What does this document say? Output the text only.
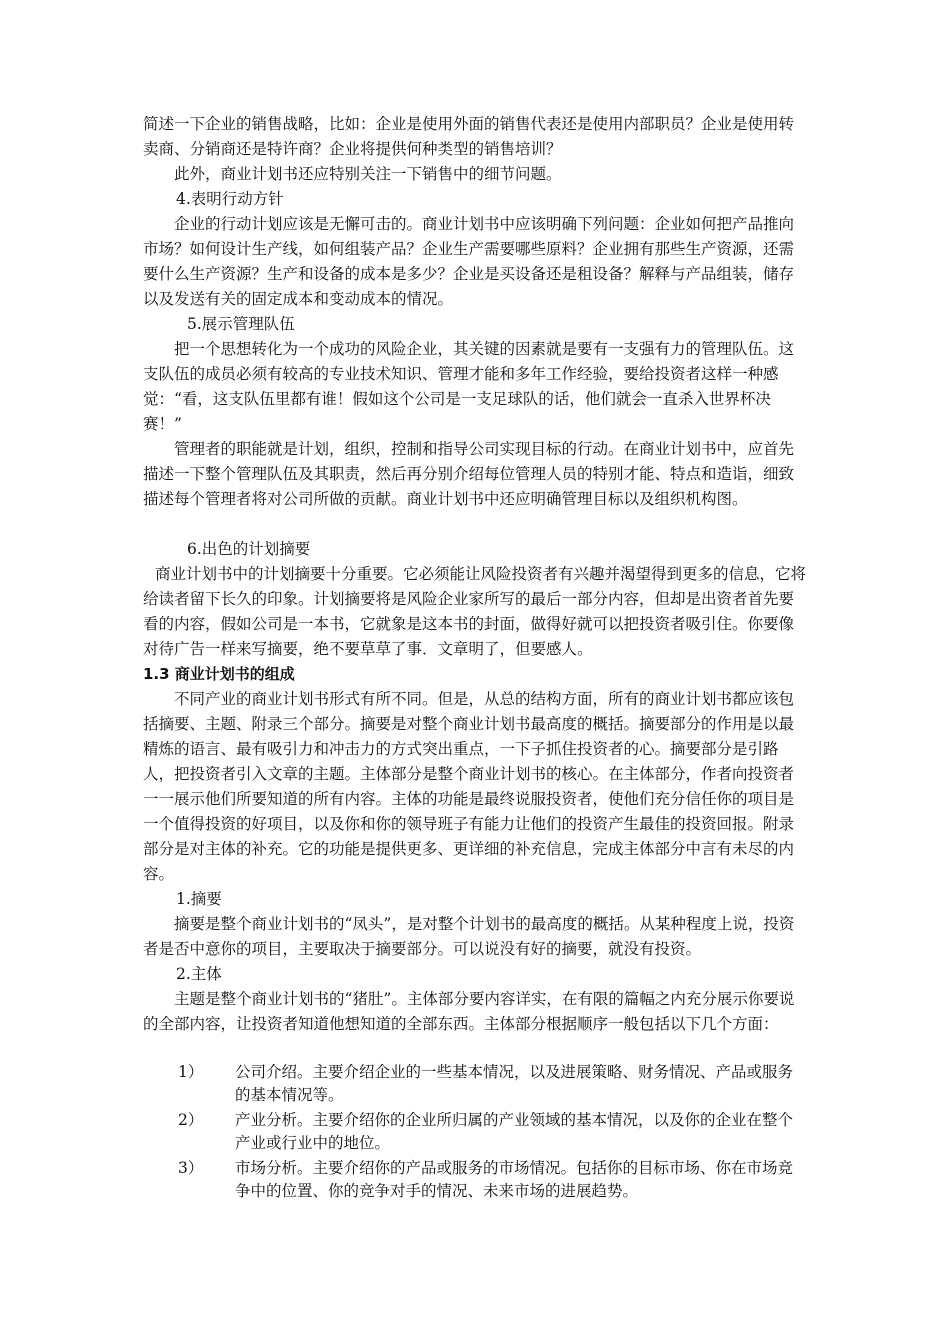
简述一下企业的销售战略，比如：企业是使用外面的销售代表还是使用内部职员？企业是使用转卖商、分销商还是特许商？企业将提供何种类型的销售培训？

此外，商业计划书还应特别关注一下销售中的细节问题。

4.表明行动方针

企业的行动计划应该是无懈可击的。商业计划书中应该明确下列问题：企业如何把产品推向市场？如何设计生产线，如何组装产品？企业生产需要哪些原料？企业拥有那些生产资源，还需要什么生产资源？生产和设备的成本是多少？企业是买设备还是租设备？解释与产品组装，储存以及发送有关的固定成本和变动成本的情况。

5.展示管理队伍

把一个思想转化为一个成功的风险企业，其关键的因素就是要有一支强有力的管理队伍。这支队伍的成员必须有较高的专业技术知识、管理才能和多年工作经验，要给投资者这样一种感觉：“看，这支队伍里都有谁！假如这个公司是一支足球队的话，他们就会一直杀入世界杯决赛！”

管理者的职能就是计划，组织，控制和指导公司实现目标的行动。在商业计划书中，应首先描述一下整个管理队伍及其职责，然后再分别介绍每位管理人员的特别才能、特点和造诣，细致描述每个管理者将对公司所做的贡献。商业计划书中还应明确管理目标以及组织机构图。

6.出色的计划摘要

商业计划书中的计划摘要十分重要。它必须能让风险投资者有兴趣并渴望得到更多的信息，它将给读者留下长久的印象。计划摘要将是风险企业家所写的最后一部分内容，但却是出资者首先要看的内容，假如公司是一本书，它就象是这本书的封面，做得好就可以把投资者吸引住。你要像对待广告一样来写摘要，绝不要草草了事．文章明了，但要感人。

1.3 商业计划书的组成

不同产业的商业计划书形式有所不同。但是，从总的结构方面，所有的商业计划书都应该包括摘要、主题、附录三个部分。摘要是对整个商业计划书最高度的概括。摘要部分的作用是以最精炼的语言、最有吸引力和冲击力的方式突出重点，一下子抓住投资者的心。摘要部分是引路人，把投资者引入文章的主题。主体部分是整个商业计划书的核心。在主体部分，作者向投资者一一展示他们所要知道的所有内容。主体的功能是最终说服投资者，使他们充分信任你的项目是一个值得投资的好项目，以及你和你的领导班子有能力让他们的投资产生最佳的投资回报。附录部分是对主体的补充。它的功能是提供更多、更详细的补充信息，完成主体部分中言有未尽的内容。

1.摘要

摘要是整个商业计划书的“凤头”，是对整个计划书的最高度的概括。从某种程度上说，投资者是否中意你的项目，主要取决于摘要部分。可以说没有好的摘要，就没有投资。

2.主体

主题是整个商业计划书的“猪肚”。主体部分要内容详实，在有限的篇幅之内充分展示你要说的全部内容，让投资者知道他想知道的全部东西。主体部分根据顺序一般包括以下几个方面：

1）	公司介绍。主要介绍企业的一些基本情况，以及进展策略、财务情况、产品或服务的基本情况等。
2）	产业分析。主要介绍你的企业所归属的产业领域的基本情况，以及你的企业在整个产业或行业中的地位。
3）	市场分析。主要介绍你的产品或服务的市场情况。包括你的目标市场、你在市场竞争中的位置、你的竞争对手的情况、未来市场的进展趋势。
